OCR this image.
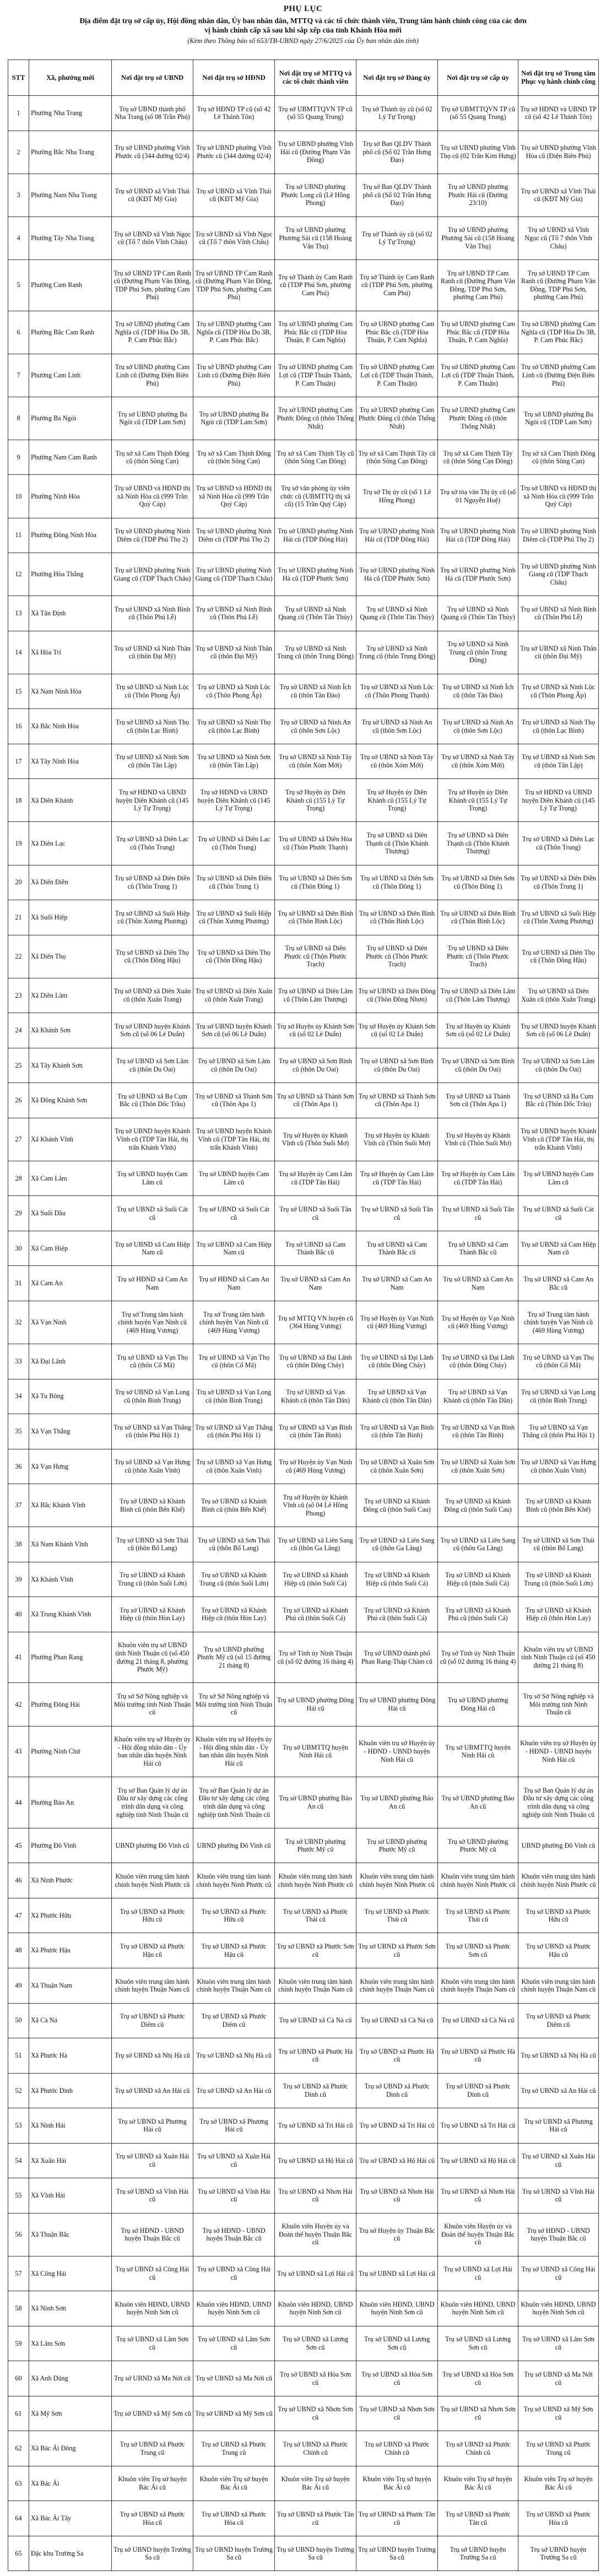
PHỤ LỤC
Địa điểm đặt trụ sở cấp ủy, Hội đồng nhân dân, Ủy ban nhân dân, MTTQ và các tổ chức thành viên, Trung tâm hành chính công của các đơn vị hành chính cấp xã sau khi sắp xếp của tỉnh Khánh Hòa mới
(Kèm theo Thông báo số 653/TB-UBND ngày 27/6/2025 của Ủy ban nhân dân tỉnh)
STT	Xã, phường mới	Nơi đặt trụ sở UBND	Nơi đặt trụ sở HĐND	Nơi đặt trụ sở MTTQ và các tổ chức thành viên	Nơi đặt trụ sở Đảng ủy	Nơi đặt trụ sở cấp ủy	Nơi đặt trụ sở Trung tâm Phục vụ hành chính công
1	Phường Nha Trang	Trụ sở UBND thành phố Nha Trang (số 08 Trần Phú)	Trụ sở HĐND TP cũ (số 42 Lê Thánh Tôn)	Trụ sở UBMTTQVN TP cũ (số 55 Quang Trung)	Trụ sở Thành ủy cũ (số 02 Lý Tự Trọng)	Trụ sở UBMTTQVN TP cũ (số 55 Quang Trung)	Trụ sở HĐND và UBND TP cũ (số 42 Lê Thánh Tôn)
2	Phường Bắc Nha Trang	Trụ sở UBND phường Vĩnh Phước cũ (344 đường 02/4)	Trụ sở UBND phường Vĩnh Phước cũ (344 đường 02/4)	Trụ sở UBND phường Vĩnh Hải cũ (Đường Phạm Văn Đồng)	Trụ sở Ban QLDV Thành phố cũ (Số 02 Trần Hưng Đạo)	Trụ sở UBND phường Vĩnh Thọ cũ (02 Trần Kim Hưng)	Trụ sở UBND phường Vĩnh Hòa cũ (Điện Biên Phủ)
3	Phường Nam Nha Trang	Trụ sở UBND xã Vĩnh Thái cũ (KĐT Mỹ Gia)	Trụ sở UBND xã Vĩnh Thái cũ (KĐT Mỹ Gia)	Trụ sở UBND phường Phước Long cũ (Lê Hồng Phong)	Trụ sở Ban QLDV Thành phố cũ (Số 02 Trần Hưng Đạo)	Trụ sở UBND phường Phước Hải cũ (Đường 23/10)	Trụ sở UBND xã Vĩnh Thái cũ (KĐT Mỹ Gia)
4	Phường Tây Nha Trang	Trụ sở UBND xã Vĩnh Ngọc cũ (Tổ 7 thôn Vĩnh Châu)	Trụ sở UBND xã Vĩnh Ngọc cũ (Tổ 7 thôn Vĩnh Châu)	Trụ sở UBND phường Phương Sài cũ (158 Hoàng Văn Thụ)	Trụ sở Thành ủy cũ (số 02 Lý Tự Trọng)	Trụ sở UBND phường Phương Sài cũ (158 Hoàng Văn Thụ)	Trụ sở UBND xã Vĩnh Ngọc cũ (Tổ 7 thôn Vĩnh Châu)
5	Phường Cam Ranh	Trụ sở UBND TP Cam Ranh cũ (Đường Phạm Văn Đồng, TDP Phú Sơn, phường Cam Phú)	Trụ sở UBND TP Cam Ranh cũ (Đường Phạm Văn Đồng, TDP Phú Sơn, phường Cam Phú)	Trụ sở Thành ủy Cam Ranh cũ (TDP Phú Sơn, phường Cam Phú)	Trụ sở Thành ủy Cam Ranh cũ (TDP Phú Sơn, phường Cam Phú)	Trụ sở UBND TP Cam Ranh cũ (Đường Phạm Văn Đồng, TDP Phú Sơn, phường Cam Phú)	Trụ sở UBND TP Cam Ranh cũ (Đường Phạm Văn Đồng, TDP Phú Sơn, phường Cam Phú)
6	Phường Bắc Cam Ranh	Trụ sở UBND phường Cam Nghĩa cũ (TDP Hòa Do 3B, P. Cam Phúc Bắc)	Trụ sở UBND phường Cam Nghĩa cũ (TDP Hòa Do 3B, P. Cam Phúc Bắc)	Trụ sở UBND phường Cam Phúc Bắc cũ (TDP Hòa Thuận, P. Cam Nghĩa)	Trụ sở UBND phường Cam Phúc Bắc cũ (TDP Hòa Thuận, P. Cam Nghĩa)	Trụ sở UBND phường Cam Phúc Bắc cũ (TDP Hòa Thuận, P. Cam Nghĩa)	Trụ sở UBND phường Cam Nghĩa cũ (TDP Hòa Do 3B, P. Cam Phúc Bắc)
7	Phường Cam Linh	Trụ sở UBND phường Cam Linh cũ (Đường Điện Biên Phủ)	Trụ sở UBND phường Cam Linh cũ (Đường Điện Biên Phủ)	Trụ sở UBND phường Cam Lợi cũ (TDP Thuận Thành, P. Cam Thuận)	Trụ sở UBND phường Cam Lợi cũ (TDP Thuận Thành, P. Cam Thuận)	Trụ sở UBND phường Cam Lợi cũ (TDP Thuận Thành, P. Cam Thuận)	Trụ sở UBND phường Cam Linh cũ (Đường Điện Biên Phủ)
8	Phường Ba Ngòi	Trụ sở UBND phường Ba Ngòi cũ (TDP Lam Sơn)	Trụ sở UBND phường Ba Ngòi cũ (TDP Lam Sơn)	Trụ sở UBND phường Cam Phước Đông cũ (thôn Thống Nhất)	Trụ sở UBND phường Cam Phước Đông cũ (thôn Thống Nhất)	Trụ sở UBND phường Cam Phước Đông cũ (thôn Thống Nhất)	Trụ sở UBND phường Ba Ngòi cũ (TDP Lam Sơn)
9	Phường Nam Cam Ranh	Trụ sở xã Cam Thịnh Đông cũ (thôn Sông Cạn)	Trụ sở xã Cam Thịnh Đông cũ (thôn Sông Cạn)	Trụ sở xã Cam Thịnh Tây cũ (thôn Sông Cạn Đông)	Trụ sở xã Cam Thịnh Tây cũ (thôn Sông Cạn Đông)	Trụ sở xã Cam Thịnh Tây cũ (thôn Sông Cạn Đông)	Trụ sở xã Cam Thịnh Đông cũ (thôn Sông Cạn)
10	Phường Ninh Hòa	Trụ sở UBND và HĐND thị xã Ninh Hòa cũ (999 Trần Quý Cáp)	Trụ sở UBND và HĐND thị xã Ninh Hòa cũ (999 Trần Quý Cáp)	Trụ sở văn phòng ủy viên chức cũ (UBMTTQ thị xã cũ) (15 Trần Quý Cáp)	Trụ sở Thị ủy cũ (số 1 Lê Hồng Phong)	Trụ sở tòa văn Thị ủy cũ (số 01 Nguyễn Huệ)	Trụ sở UBND và HĐND thị xã Ninh Hòa cũ (999 Trần Quý Cáp)
11	Phường Đông Ninh Hòa	Trụ sở UBND phường Ninh Diêm cũ (TDP Phú Thọ 2)	Trụ sở UBND phường Ninh Diêm cũ (TDP Phú Thọ 2)	Trụ sở UBND phường Ninh Hải cũ (TDP Đông Hải)	Trụ sở UBND phường Ninh Hải cũ (TDP Đông Hải)	Trụ sở UBND phường Ninh Hải cũ (TDP Đông Hải)	Trụ sở UBND phường Ninh Diêm cũ (TDP Phú Thọ 2)
12	Phường Hòa Thắng	Trụ sở UBND phường Ninh Giang cũ (TDP Thạch Châu)	Trụ sở UBND phường Ninh Giang cũ (TDP Thạch Châu)	Trụ sở UBND phường Ninh Hà cũ (TDP Phước Sơn)	Trụ sở UBND phường Ninh Hà cũ (TDP Phước Sơn)	Trụ sở UBND phường Ninh Hà cũ (TDP Phước Sơn)	Trụ sở UBND phường Ninh Giang cũ (TDP Thạch Châu)
13	Xã Tân Định	Trụ sở UBND xã Ninh Bình cũ (Thôn Phú Lễ)	Trụ sở UBND xã Ninh Bình cũ (Thôn Phú Lễ)	Trụ sở UBND xã Ninh Quang cũ (Thôn Tân Thủy)	Trụ sở UBND xã Ninh Quang cũ (Thôn Tân Thủy)	Trụ sở UBND xã Ninh Quang cũ (Thôn Tân Thủy)	Trụ sở UBND xã Ninh Bình cũ (Thôn Phú Lễ)
14	Xã Hòa Trí	Trụ sở UBND xã Ninh Thân cũ (thôn Đại Mỹ)	Trụ sở UBND xã Ninh Thân cũ (thôn Đại Mỹ)	Trụ sở UBND xã Ninh Trung cũ (thôn Trung Đông)	Trụ sở UBND xã Ninh Trung cũ (thôn Trung Đông)	Trụ sở UBND xã Ninh Trung cũ (thôn Trung Đông)	Trụ sở UBND xã Ninh Thân cũ (thôn Đại Mỹ)
15	Xã Nam Ninh Hòa	Trụ sở UBND xã Ninh Lộc cũ (Thôn Phong Ấp)	Trụ sở UBND xã Ninh Lộc cũ (Thôn Phong Ấp)	Trụ sở UBND xã Ninh Ích cũ (thôn Tân Đảo)	Trụ sở UBND xã Ninh Lộc cũ (Thôn Phong Thạnh)	Trụ sở UBND xã Ninh Ích cũ (thôn Tân Đảo)	Trụ sở UBND xã Ninh Lộc cũ (Thôn Phong Ấp)
16	Xã Bắc Ninh Hòa	Trụ sở UBND xã Ninh Thọ cũ (thôn Lạc Bình)	Trụ sở UBND xã Ninh Thọ cũ (thôn Lạc Bình)	Trụ sở UBND xã Ninh An cũ (thôn Sơn Lộc)	Trụ sở UBND xã Ninh An cũ (thôn Sơn Lộc)	Trụ sở UBND xã Ninh An cũ (thôn Sơn Lộc)	Trụ sở UBND xã Ninh Thọ cũ (thôn Lạc Bình)
17	Xã Tây Ninh Hòa	Trụ sở UBND xã Ninh Sơn cũ (thôn Tân Lập)	Trụ sở UBND xã Ninh Sơn cũ (thôn Tân Lập)	Trụ sở UBND xã Ninh Tây cũ (thôn Xóm Mới)	Trụ sở UBND xã Ninh Tây cũ (thôn Xóm Mới)	Trụ sở UBND xã Ninh Tây cũ (thôn Xóm Mới)	Trụ sở UBND xã Ninh Sơn cũ (thôn Tân Lập)
18	Xã Diên Khánh	Trụ sở HĐND và UBND huyện Diên Khánh cũ (145 Lý Tự Trọng)	Trụ sở HĐND và UBND huyện Diên Khánh cũ (145 Lý Tự Trọng)	Trụ sở Huyện ủy Diên Khánh cũ (155 Lý Tự Trọng)	Trụ sở Huyện ủy Diên Khánh cũ (155 Lý Tự Trọng)	Trụ sở Huyện ủy Diên Khánh cũ (155 Lý Tự Trọng)	Trụ sở HĐND và UBND huyện Diên Khánh cũ (145 Lý Tự Trọng)
19	Xã Diên Lạc	Trụ sở UBND xã Diên Lạc cũ (Thôn Trung)	Trụ sở UBND xã Diên Lạc cũ (Thôn Trung)	Trụ sở UBND xã Diên Hòa cũ (Thôn Phước Thạnh)	Trụ sở UBND xã Diên Thạnh cũ (Thôn Khánh Thượng)	Trụ sở UBND xã Diên Thạnh cũ (Thôn Khánh Thượng)	Trụ sở UBND xã Diên Lạc cũ (Thôn Trung)
20	Xã Diên Điền	Trụ sở UBND xã Diên Điền cũ (Thôn Trung 1)	Trụ sở UBND xã Diên Điền cũ (Thôn Trung 1)	Trụ sở UBND xã Diên Sơn cũ (Thôn Đông 1)	Trụ sở UBND xã Diên Sơn cũ (Thôn Đông 1)	Trụ sở UBND xã Diên Sơn cũ (Thôn Đông 1)	Trụ sở UBND xã Diên Điền cũ (Thôn Trung 1)
21	Xã Suối Hiệp	Trụ sở UBND xã Suối Hiệp cũ (Thôn Xương Phương)	Trụ sở UBND xã Suối Hiệp cũ (Thôn Xương Phương)	Trụ sở UBND xã Diên Bình cũ (Thôn Bình Lộc)	Trụ sở UBND xã Diên Bình cũ (Thôn Bình Lộc)	Trụ sở UBND xã Diên Bình cũ (Thôn Bình Lộc)	Trụ sở UBND xã Suối Hiệp cũ (Thôn Xương Phương)
22	Xã Diên Thọ	Trụ sở UBND xã Diên Thọ cũ (Thôn Đồng Hậu)	Trụ sở UBND xã Diên Thọ cũ (Thôn Đồng Hậu)	Trụ sở UBND xã Diên Phước cũ (Thôn Phước Trạch)	Trụ sở UBND xã Diên Phước cũ (Thôn Phước Trạch)	Trụ sở UBND xã Diên Phước cũ (Thôn Phước Trạch)	Trụ sở UBND xã Diên Thọ cũ (Thôn Đồng Hậu)
23	Xã Diên Lâm	Trụ sở UBND xã Diên Xuân cũ (thôn Xuân Trang)	Trụ sở UBND xã Diên Xuân cũ (thôn Xuân Trang)	Trụ sở UBND xã Diên Lâm cũ (Thôn Lâm Thượng)	Trụ sở UBND xã Diên Đồng cũ (Thôn Đồng Nhơn)	Trụ sở UBND xã Diên Lâm cũ (Thôn Lâm Thượng)	Trụ sở UBND xã Diên Xuân cũ (thôn Xuân Trang)
24	Xã Khánh Sơn	Trụ sở UBND huyện Khánh Sơn cũ (số 06 Lê Duẩn)	Trụ sở UBND huyện Khánh Sơn cũ (số 06 Lê Duẩn)	Trụ sở Huyện ủy Khánh Sơn cũ (số 02 Lê Duẩn)	Trụ sở Huyện ủy Khánh Sơn cũ (số 02 Lê Duẩn)	Trụ sở Huyện ủy Khánh Sơn cũ (số 02 Lê Duẩn)	Trụ sở UBND huyện Khánh Sơn cũ (số 06 Lê Duẩn)
25	Xã Tây Khánh Sơn	Trụ sở UBND xã Sơn Lâm cũ (thôn Du Oai)	Trụ sở UBND xã Sơn Lâm cũ (thôn Du Oai)	Trụ sở UBND xã Sơn Bình cũ (thôn Du Oai)	Trụ sở UBND xã Sơn Bình cũ (thôn Du Oai)	Trụ sở UBND xã Sơn Bình cũ (thôn Du Oai)	Trụ sở UBND xã Sơn Lâm cũ (thôn Du Oai)
26	Xã Đông Khánh Sơn	Trụ sở UBND xã Ba Cụm Bắc cũ (Thôn Dốc Trầu)	Trụ sở UBND xã Thành Sơn cũ (Thôn Apa 1)	Trụ sở UBND xã Thành Sơn cũ (Thôn Apa 1)	Trụ sở UBND xã Thành Sơn cũ (Thôn Apa 1)	Trụ sở UBND xã Thành Sơn cũ (Thôn Apa 1)	Trụ sở UBND xã Ba Cụm Bắc cũ (Thôn Dốc Trầu)
27	Xã Khánh Vĩnh	Trụ sở UBND huyện Khánh Vĩnh cũ (TDP Tân Hải, thị trấn Khánh Vĩnh)	Trụ sở UBND huyện Khánh Vĩnh cũ (TDP Tân Hải, thị trấn Khánh Vĩnh)	Trụ sở Huyện ủy Khánh Vĩnh cũ (Thôn Suối Mơ)	Trụ sở Huyện ủy Khánh Vĩnh cũ (Thôn Suối Mơ)	Trụ sở Huyện ủy Khánh Vĩnh cũ (Thôn Suối Mơ)	Trụ sở UBND huyện Khánh Vĩnh cũ (TDP Tân Hải, thị trấn Khánh Vĩnh)
28	Xã Cam Lâm	Trụ sở UBND huyện Cam Lâm cũ	Trụ sở UBND huyện Cam Lâm cũ	Trụ sở Huyện ủy Cam Lâm cũ (TDP Tân Hải)	Trụ sở Huyện ủy Cam Lâm cũ (TDP Tân Hải)	Trụ sở Huyện ủy Cam Lâm cũ (TDP Tân Hải)	Trụ sở UBND huyện Cam Lâm cũ
29	Xã Suối Dầu	Trụ sở UBND xã Suối Cát cũ	Trụ sở UBND xã Suối Cát cũ	Trụ sở UBND xã Suối Tân cũ	Trụ sở UBND xã Suối Tân cũ	Trụ sở UBND xã Suối Tân cũ	Trụ sở UBND xã Suối Cát cũ
30	Xã Cam Hiệp	Trụ sở UBND xã Cam Hiệp Nam cũ	Trụ sở UBND xã Cam Hiệp Nam cũ	Trụ sở UBND xã Cam Thành Bắc cũ	Trụ sở UBND xã Cam Thành Bắc cũ	Trụ sở UBND xã Cam Thành Bắc cũ	Trụ sở UBND xã Cam Hiệp Nam cũ
31	Xã Cam An	Trụ sở HĐND xã Cam An Nam	Trụ sở HĐND xã Cam An Nam	Trụ sở UBND xã Cam An Nam	Trụ sở UBND xã Cam An Nam	Trụ sở UBND xã Cam An Nam	Trụ sở UBND xã Cam An Bắc cũ
32	Xã Vạn Ninh	Trụ sở Trung tâm hành chính huyện Vạn Ninh cũ (469 Hùng Vương)	Trụ sở Trung tâm hành chính huyện Vạn Ninh cũ (469 Hùng Vương)	Trụ sở MTTQ VN huyện cũ (364 Hùng Vương)	Trụ sở Huyện ủy Vạn Ninh cũ (469 Hùng Vương)	Trụ sở Huyện ủy Vạn Ninh cũ (469 Hùng Vương)	Trụ sở Trung tâm hành chính huyện Vạn Ninh cũ (469 Hùng Vương)
33	Xã Đại Lãnh	Trụ sở UBND xã Vạn Thọ cũ (thôn Cổ Mã)	Trụ sở UBND xã Vạn Thọ cũ (thôn Cổ Mã)	Trụ sở UBND xã Đại Lãnh cũ (thôn Đông Cháy)	Trụ sở UBND xã Đại Lãnh cũ (thôn Đông Cháy)	Trụ sở UBND xã Đại Lãnh cũ (thôn Đông Cháy)	Trụ sở UBND xã Vạn Thọ cũ (thôn Cổ Mã)
34	Xã Tu Bông	Trụ sở UBND xã Vạn Long cũ (thôn Bình Trung)	Trụ sở UBND xã Vạn Long cũ (thôn Bình Trung)	Trụ sở UBND xã Vạn Khánh cũ (thôn Tân Dân)	Trụ sở UBND xã Vạn Khánh cũ (thôn Tân Dân)	Trụ sở UBND xã Vạn Khánh cũ (thôn Tân Dân)	Trụ sở UBND xã Vạn Long cũ (thôn Bình Trung)
35	Xã Vạn Thắng	Trụ sở UBND xã Vạn Thắng cũ (thôn Phú Hội 1)	Trụ sở UBND xã Vạn Thắng cũ (thôn Phú Hội 1)	Trụ sở UBND xã Vạn Bình cũ (thôn Tân Bình)	Trụ sở UBND xã Vạn Bình cũ (thôn Tân Bình)	Trụ sở UBND xã Vạn Bình cũ (thôn Tân Bình)	Trụ sở UBND xã Vạn Thắng cũ (thôn Phú Hội 1)
36	Xã Vạn Hưng	Trụ sở UBND xã Vạn Hưng cũ (thôn Xuân Vinh)	Trụ sở UBND xã Vạn Hưng cũ (thôn Xuân Vinh)	Trụ sở Huyện ủy Vạn Ninh cũ (469 Hùng Vương)	Trụ sở UBND xã Xuân Sơn cũ (thôn Xuân Sơn)	Trụ sở UBND xã Xuân Sơn cũ (thôn Xuân Sơn)	Trụ sở UBND xã Vạn Hưng cũ (thôn Xuân Vinh)
37	Xã Bắc Khánh Vĩnh	Trụ sở UBND xã Khánh Bình cũ (thôn Bến Khế)	Trụ sở UBND xã Khánh Bình cũ (thôn Bến Khế)	Trụ sở Huyện ủy Khánh Vĩnh cũ (số 04 Lê Hồng Phong)	Trụ sở UBND xã Khánh Đông cũ (thôn Suối Cau)	Trụ sở UBND xã Khánh Đông cũ (thôn Suối Cau)	Trụ sở UBND xã Khánh Bình cũ (thôn Bến Khế)
38	Xã Nam Khánh Vĩnh	Trụ sở UBND xã Sơn Thái cũ (thôn Bố Lang)	Trụ sở UBND xã Sơn Thái cũ (thôn Bố Lang)	Trụ sở UBND xã Liên Sang cũ (thôn Ga Lăng)	Trụ sở UBND xã Liên Sang cũ (thôn Ga Lăng)	Trụ sở UBND xã Liên Sang cũ (thôn Ga Lăng)	Trụ sở UBND xã Sơn Thái cũ (thôn Bố Lang)
39	Xã Khánh Vĩnh	Trụ sở UBND xã Khánh Trung cũ (thôn Suối Lớn)	Trụ sở UBND xã Khánh Trung cũ (thôn Suối Lớn)	Trụ sở UBND xã Khánh Hiệp cũ (thôn Suối Cá)	Trụ sở UBND xã Khánh Hiệp cũ (thôn Suối Cá)	Trụ sở UBND xã Khánh Hiệp cũ (thôn Suối Cá)	Trụ sở UBND xã Khánh Trung cũ (thôn Suối Lớn)
40	Xã Trung Khánh Vĩnh	Trụ sở UBND xã Khánh Hiệp cũ (thôn Hòn Lay)	Trụ sở UBND xã Khánh Hiệp cũ (thôn Hòn Lay)	Trụ sở UBND xã Khánh Phú cũ (thôn Suối Cá)	Trụ sở UBND xã Khánh Phú cũ (thôn Suối Cá)	Trụ sở UBND xã Khánh Phú cũ (thôn Suối Cá)	Trụ sở UBND xã Khánh Hiệp cũ (thôn Hòn Lay)
41	Phường Phan Rang	Khuôn viên trụ sở UBND tỉnh Ninh Thuận cũ (số 450 đường 21 tháng 8, phường Phước Mỹ)	Trụ sở UBND phường Phước Mỹ cũ (số 15 đường 21 tháng 8)	Trụ sở Tỉnh ủy Ninh Thuận cũ (số 02 đường 16 tháng 4)	Trụ sở UBND thành phố Phan Rang-Tháp Chàm cũ	Trụ sở Tỉnh ủy Ninh Thuận cũ (số 02 đường 16 tháng 4)	Khuôn viên trụ sở UBND tỉnh Ninh Thuận cũ (số 450 đường 21 tháng 8)
42	Phường Đông Hải	Trụ sở Sở Nông nghiệp và Môi trường tỉnh Ninh Thuận cũ	Trụ sở Sở Nông nghiệp và Môi trường tỉnh Ninh Thuận cũ	Trụ sở UBND phường Đông Hải cũ	Trụ sở UBND phường Đông Hải cũ	Trụ sở UBND phường Đông Hải cũ	Trụ sở Sở Nông nghiệp và Môi trường tỉnh Ninh Thuận cũ
43	Phường Ninh Chử	Khuôn viên trụ sở Huyện ủy - Hội đồng nhân dân - Ủy ban nhân dân huyện Ninh Hải cũ	Khuôn viên trụ sở Huyện ủy - Hội đồng nhân dân - Ủy ban nhân dân huyện Ninh Hải cũ	Trụ sở UBMTTQ huyện Ninh Hải cũ	Khuôn viên trụ sở Huyện ủy - HĐND - UBND huyện Ninh Hải cũ	Trụ sở UBMTTQ huyện Ninh Hải cũ	Khuôn viên trụ sở Huyện ủy - HĐND - UBND huyện Ninh Hải cũ
44	Phường Bảo An	Trụ sở Ban Quản lý dự án Đầu tư xây dựng các công trình dân dụng và công nghiệp tỉnh Ninh Thuận cũ	Trụ sở Ban Quản lý dự án Đầu tư xây dựng các công trình dân dụng và công nghiệp tỉnh Ninh Thuận cũ	Trụ sở UBND phường Bảo An cũ	Trụ sở UBND phường Bảo An cũ	Trụ sở UBND phường Bảo An cũ	Trụ sở Ban Quản lý dự án Đầu tư xây dựng các công trình dân dụng và công nghiệp tỉnh Ninh Thuận cũ
45	Phường Đô Vinh	UBND phường Đô Vinh cũ	UBND phường Đô Vinh cũ	Trụ sở UBND phường Phước Mỹ cũ	Trụ sở UBND phường Phước Mỹ cũ	Trụ sở UBND phường Phước Mỹ cũ	UBND phường Đô Vinh cũ
46	Xã Ninh Phước	Khuôn viên trung tâm hành chính huyện Ninh Phước cũ	Khuôn viên trung tâm hành chính huyện Ninh Phước cũ	Khuôn viên trung tâm hành chính huyện Ninh Phước cũ	Khuôn viên trung tâm hành chính huyện Ninh Phước cũ	Khuôn viên trung tâm hành chính huyện Ninh Phước cũ	Khuôn viên trung tâm hành chính huyện Ninh Phước cũ
47	Xã Phước Hữu	Trụ sở UBND xã Phước Hữu cũ	Trụ sở UBND xã Phước Hữu cũ	Trụ sở UBND xã Phước Thái cũ	Trụ sở UBND xã Phước Thái cũ	Trụ sở UBND xã Phước Thái cũ	Trụ sở UBND xã Phước Hữu cũ
48	Xã Phước Hậu	Trụ sở UBND xã Phước Hậu cũ	Trụ sở UBND xã Phước Hậu cũ	Trụ sở UBND xã Phước Sơn cũ	Trụ sở UBND xã Phước Sơn cũ	Trụ sở UBND xã Phước Sơn cũ	Trụ sở UBND xã Phước Hậu cũ
49	Xã Thuận Nam	Khuôn viên trung tâm hành chính huyện Thuận Nam cũ	Khuôn viên trung tâm hành chính huyện Thuận Nam cũ	Khuôn viên trung tâm hành chính huyện Thuận Nam cũ	Khuôn viên trung tâm hành chính huyện Thuận Nam cũ	Khuôn viên trung tâm hành chính huyện Thuận Nam cũ	Khuôn viên trung tâm hành chính huyện Thuận Nam cũ
50	Xã Cà Ná	Trụ sở UBND xã Phước Diêm cũ	Trụ sở UBND xã Phước Diêm cũ	Trụ sở UBND xã Cà Ná cũ	Trụ sở UBND xã Cà Ná cũ	Trụ sở UBND xã Cà Ná cũ	Trụ sở UBND xã Phước Diêm cũ
51	Xã Phước Hà	Trụ sở UBND xã Nhị Hà cũ	Trụ sở UBND xã Nhị Hà cũ	Trụ sở UBND xã Phước Hà cũ	Trụ sở UBND xã Phước Hà cũ	Trụ sở UBND xã Phước Hà cũ	Trụ sở UBND xã Nhị Hà cũ
52	Xã Phước Dinh	Trụ sở UBND xã An Hải cũ	Trụ sở UBND xã An Hải cũ	Trụ sở UBND xã Phước Dinh cũ	Trụ sở UBND xã Phước Dinh cũ	Trụ sở UBND xã Phước Dinh cũ	Trụ sở UBND xã An Hải cũ
53	Xã Ninh Hải	Trụ sở UBND xã Phương Hải cũ	Trụ sở UBND xã Phương Hải cũ	Trụ sở UBND xã Tri Hải cũ	Trụ sở UBND xã Tri Hải cũ	Trụ sở UBND xã Tri Hải cũ	Trụ sở UBND xã Phương Hải cũ
54	Xã Xuân Hải	Trụ sở UBND xã Xuân Hải cũ	Trụ sở UBND xã Xuân Hải cũ	Trụ sở UBND xã Hộ Hải cũ	Trụ sở UBND xã Hộ Hải cũ	Trụ sở UBND xã Hộ Hải cũ	Trụ sở UBND xã Xuân Hải cũ
55	Xã Vĩnh Hải	Trụ sở UBND xã Vĩnh Hải cũ	Trụ sở UBND xã Vĩnh Hải cũ	Trụ sở UBND xã Nhơn Hải cũ	Trụ sở UBND xã Nhơn Hải cũ	Trụ sở UBND xã Nhơn Hải cũ	Trụ sở UBND xã Vĩnh Hải cũ
56	Xã Thuận Bắc	Trụ sở HĐND - UBND huyện Thuận Bắc cũ	Trụ sở HĐND - UBND huyện Thuận Bắc cũ	Khuôn viên Huyện ủy và Đoàn thể huyện Thuận Bắc cũ	Trụ sở Huyện ủy Thuận Bắc cũ	Khuôn viên Huyện ủy và Đoàn thể huyện Thuận Bắc cũ	Trụ sở HĐND - UBND huyện Thuận Bắc cũ
57	Xã Công Hải	Trụ sở UBND xã Công Hải cũ	Trụ sở UBND xã Công Hải cũ	Trụ sở UBND xã Lợi Hải cũ	Trụ sở UBND xã Lợi Hải cũ	Trụ sở UBND xã Lợi Hải cũ	Trụ sở UBND xã Công Hải cũ
58	Xã Ninh Sơn	Khuôn viên HĐND, UBND huyện Ninh Sơn cũ	Khuôn viên HĐND, UBND huyện Ninh Sơn cũ	Khuôn viên HĐND, UBND huyện Ninh Sơn cũ	Khuôn viên HĐND, UBND huyện Ninh Sơn cũ	Khuôn viên HĐND, UBND huyện Ninh Sơn cũ	Khuôn viên HĐND, UBND huyện Ninh Sơn cũ
59	Xã Lâm Sơn	Trụ sở UBND xã Lâm Sơn cũ	Trụ sở UBND xã Lâm Sơn cũ	Trụ sở UBND xã Lương Sơn cũ	Trụ sở UBND xã Lương Sơn cũ	Trụ sở UBND xã Lương Sơn cũ	Trụ sở UBND xã Lâm Sơn cũ
60	Xã Anh Dũng	Trụ sở UBND xã Ma Nới cũ	Trụ sở UBND xã Ma Nới cũ	Trụ sở UBND xã Hòa Sơn cũ	Trụ sở UBND xã Hòa Sơn cũ	Trụ sở UBND xã Hòa Sơn cũ	Trụ sở UBND xã Ma Nới cũ
61	Xã Mỹ Sơn	Trụ sở UBND xã Mỹ Sơn cũ	Trụ sở UBND xã Mỹ Sơn cũ	Trụ sở UBND xã Nhơn Sơn cũ	Trụ sở UBND xã Nhơn Sơn cũ	Trụ sở UBND xã Nhơn Sơn cũ	Trụ sở UBND xã Mỹ Sơn cũ
62	Xã Bác Ái Đông	Trụ sở UBND xã Phước Trung cũ	Trụ sở UBND xã Phước Trung cũ	Trụ sở UBND xã Phước Chính cũ	Trụ sở UBND xã Phước Chính cũ	Trụ sở UBND xã Phước Chính cũ	Trụ sở UBND xã Phước Trung cũ
63	Xã Bác Ái	Khuôn viên Trụ sở huyện Bác Ái cũ	Khuôn viên Trụ sở huyện Bác Ái cũ	Khuôn viên Trụ sở huyện Bác Ái cũ	Khuôn viên Trụ sở huyện Bác Ái cũ	Khuôn viên Trụ sở huyện Bác Ái cũ	Khuôn viên Trụ sở huyện Bác Ái cũ
64	Xã Bác Ái Tây	Trụ sở UBND xã Phước Hòa cũ	Trụ sở UBND xã Phước Hòa cũ	Trụ sở UBND xã Phước Tân cũ	Trụ sở UBND xã Phước Tân cũ	Trụ sở UBND xã Phước Tân cũ	Trụ sở UBND xã Phước Hòa cũ
65	Đặc khu Trường Sa	Trụ sở UBND huyện Trường Sa cũ	Trụ sở UBND huyện Trường Sa cũ	Trụ sở UBND huyện Trường Sa cũ	Trụ sở UBND huyện Trường Sa cũ	Trụ sở UBND huyện Trường Sa cũ	Trụ sở UBND huyện Trường Sa cũ
